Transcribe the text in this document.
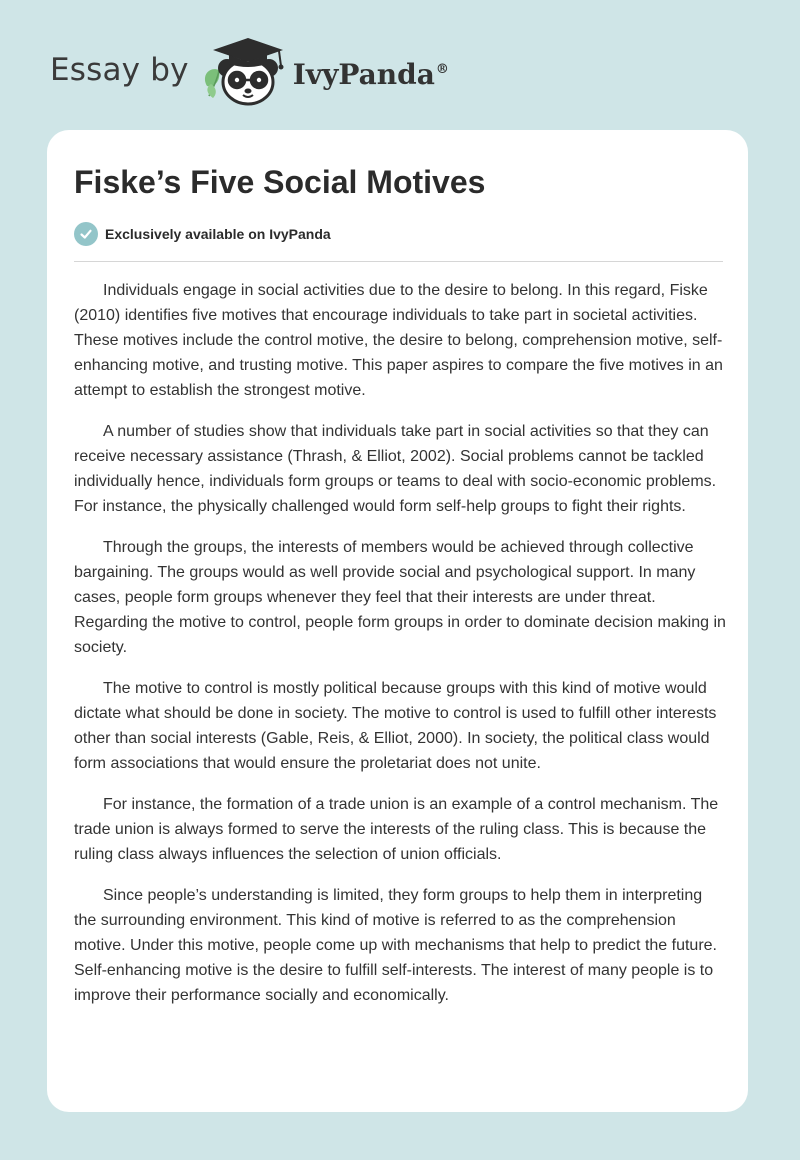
Essay by	IvyPanda®
Fiske’s Five Social Motives
Exclusively available on IvyPanda

Individuals engage in social activities due to the desire to belong. In this regard, Fiske (2010) identifies five motives that encourage individuals to take part in societal activities. These motives include the control motive, the desire to belong, comprehension motive, self-enhancing motive, and trusting motive. This paper aspires to compare the five motives in an attempt to establish the strongest motive.

A number of studies show that individuals take part in social activities so that they can receive necessary assistance (Thrash, & Elliot, 2002). Social problems cannot be tackled individually hence, individuals form groups or teams to deal with socio-economic problems. For instance, the physically challenged would form self-help groups to fight their rights.

Through the groups, the interests of members would be achieved through collective bargaining. The groups would as well provide social and psychological support. In many cases, people form groups whenever they feel that their interests are under threat. Regarding the motive to control, people form groups in order to dominate decision making in society.

The motive to control is mostly political because groups with this kind of motive would dictate what should be done in society. The motive to control is used to fulfill other interests other than social interests (Gable, Reis, & Elliot, 2000). In society, the political class would form associations that would ensure the proletariat does not unite.

For instance, the formation of a trade union is an example of a control mechanism. The trade union is always formed to serve the interests of the ruling class. This is because the ruling class always influences the selection of union officials.

Since people’s understanding is limited, they form groups to help them in interpreting the surrounding environment. This kind of motive is referred to as the comprehension motive. Under this motive, people come up with mechanisms that help to predict the future. Self-enhancing motive is the desire to fulfill self-interests. The interest of many people is to improve their performance socially and economically.
